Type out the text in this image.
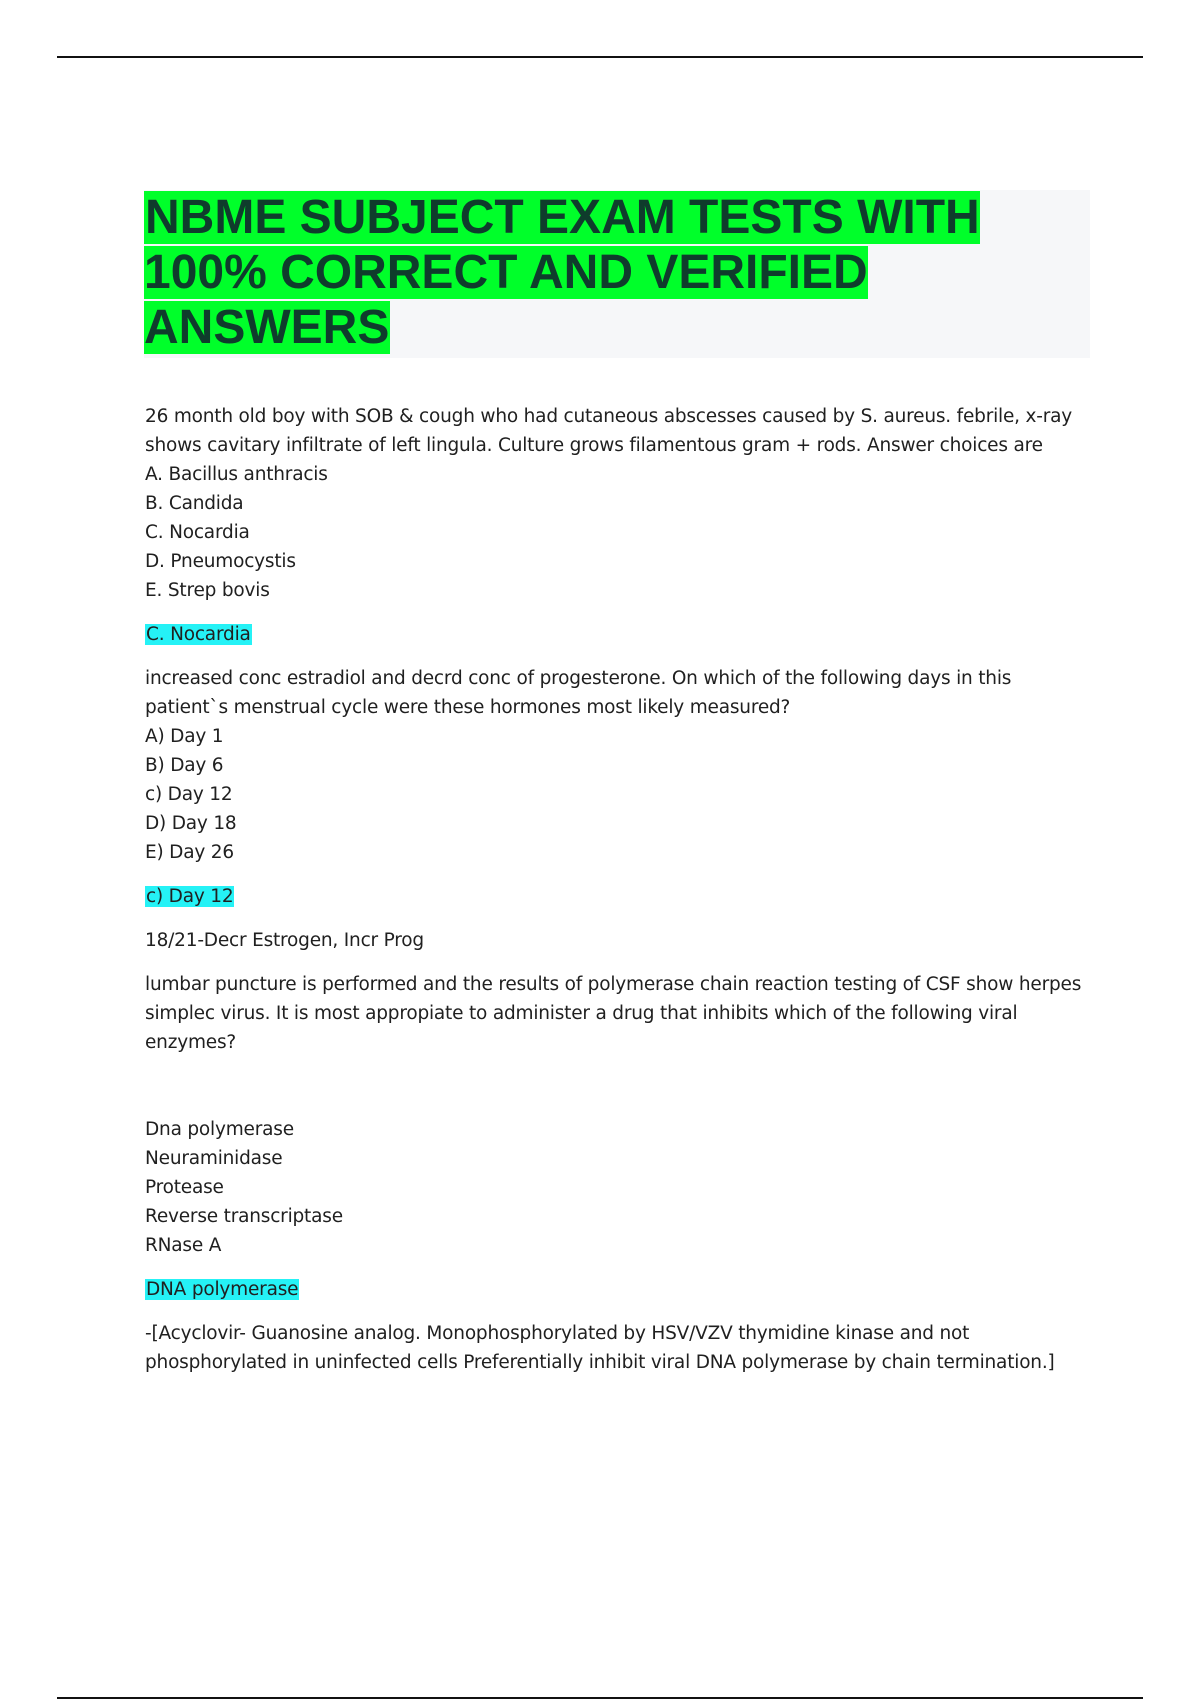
NBME SUBJECT EXAM TESTS WITH 100% CORRECT AND VERIFIED ANSWERS

26 month old boy with SOB & cough who had cutaneous abscesses caused by S. aureus. febrile, x-ray shows cavitary infiltrate of left lingula. Culture grows filamentous gram + rods. Answer choices are

A. Bacillus anthracis

B. Candida

C. Nocardia

D. Pneumocystis

E. Strep bovis

C. Nocardia

increased conc estradiol and decrd conc of progesterone. On which of the following days in this patient`s menstrual cycle were these hormones most likely measured?

A) Day 1

B) Day 6

c) Day 12

D) Day 18

E) Day 26

c) Day 12

18/21-Decr Estrogen, Incr Prog

lumbar puncture is performed and the results of polymerase chain reaction testing of CSF show herpes simplec virus. It is most appropiate to administer a drug that inhibits which of the following viral enzymes?

Dna polymerase

Neuraminidase

Protease

Reverse transcriptase

RNase A

DNA polymerase

-[Acyclovir- Guanosine analog. Monophosphorylated by HSV/VZV thymidine kinase and not phosphorylated in uninfected cells Preferentially inhibit viral DNA polymerase by chain termination.]
